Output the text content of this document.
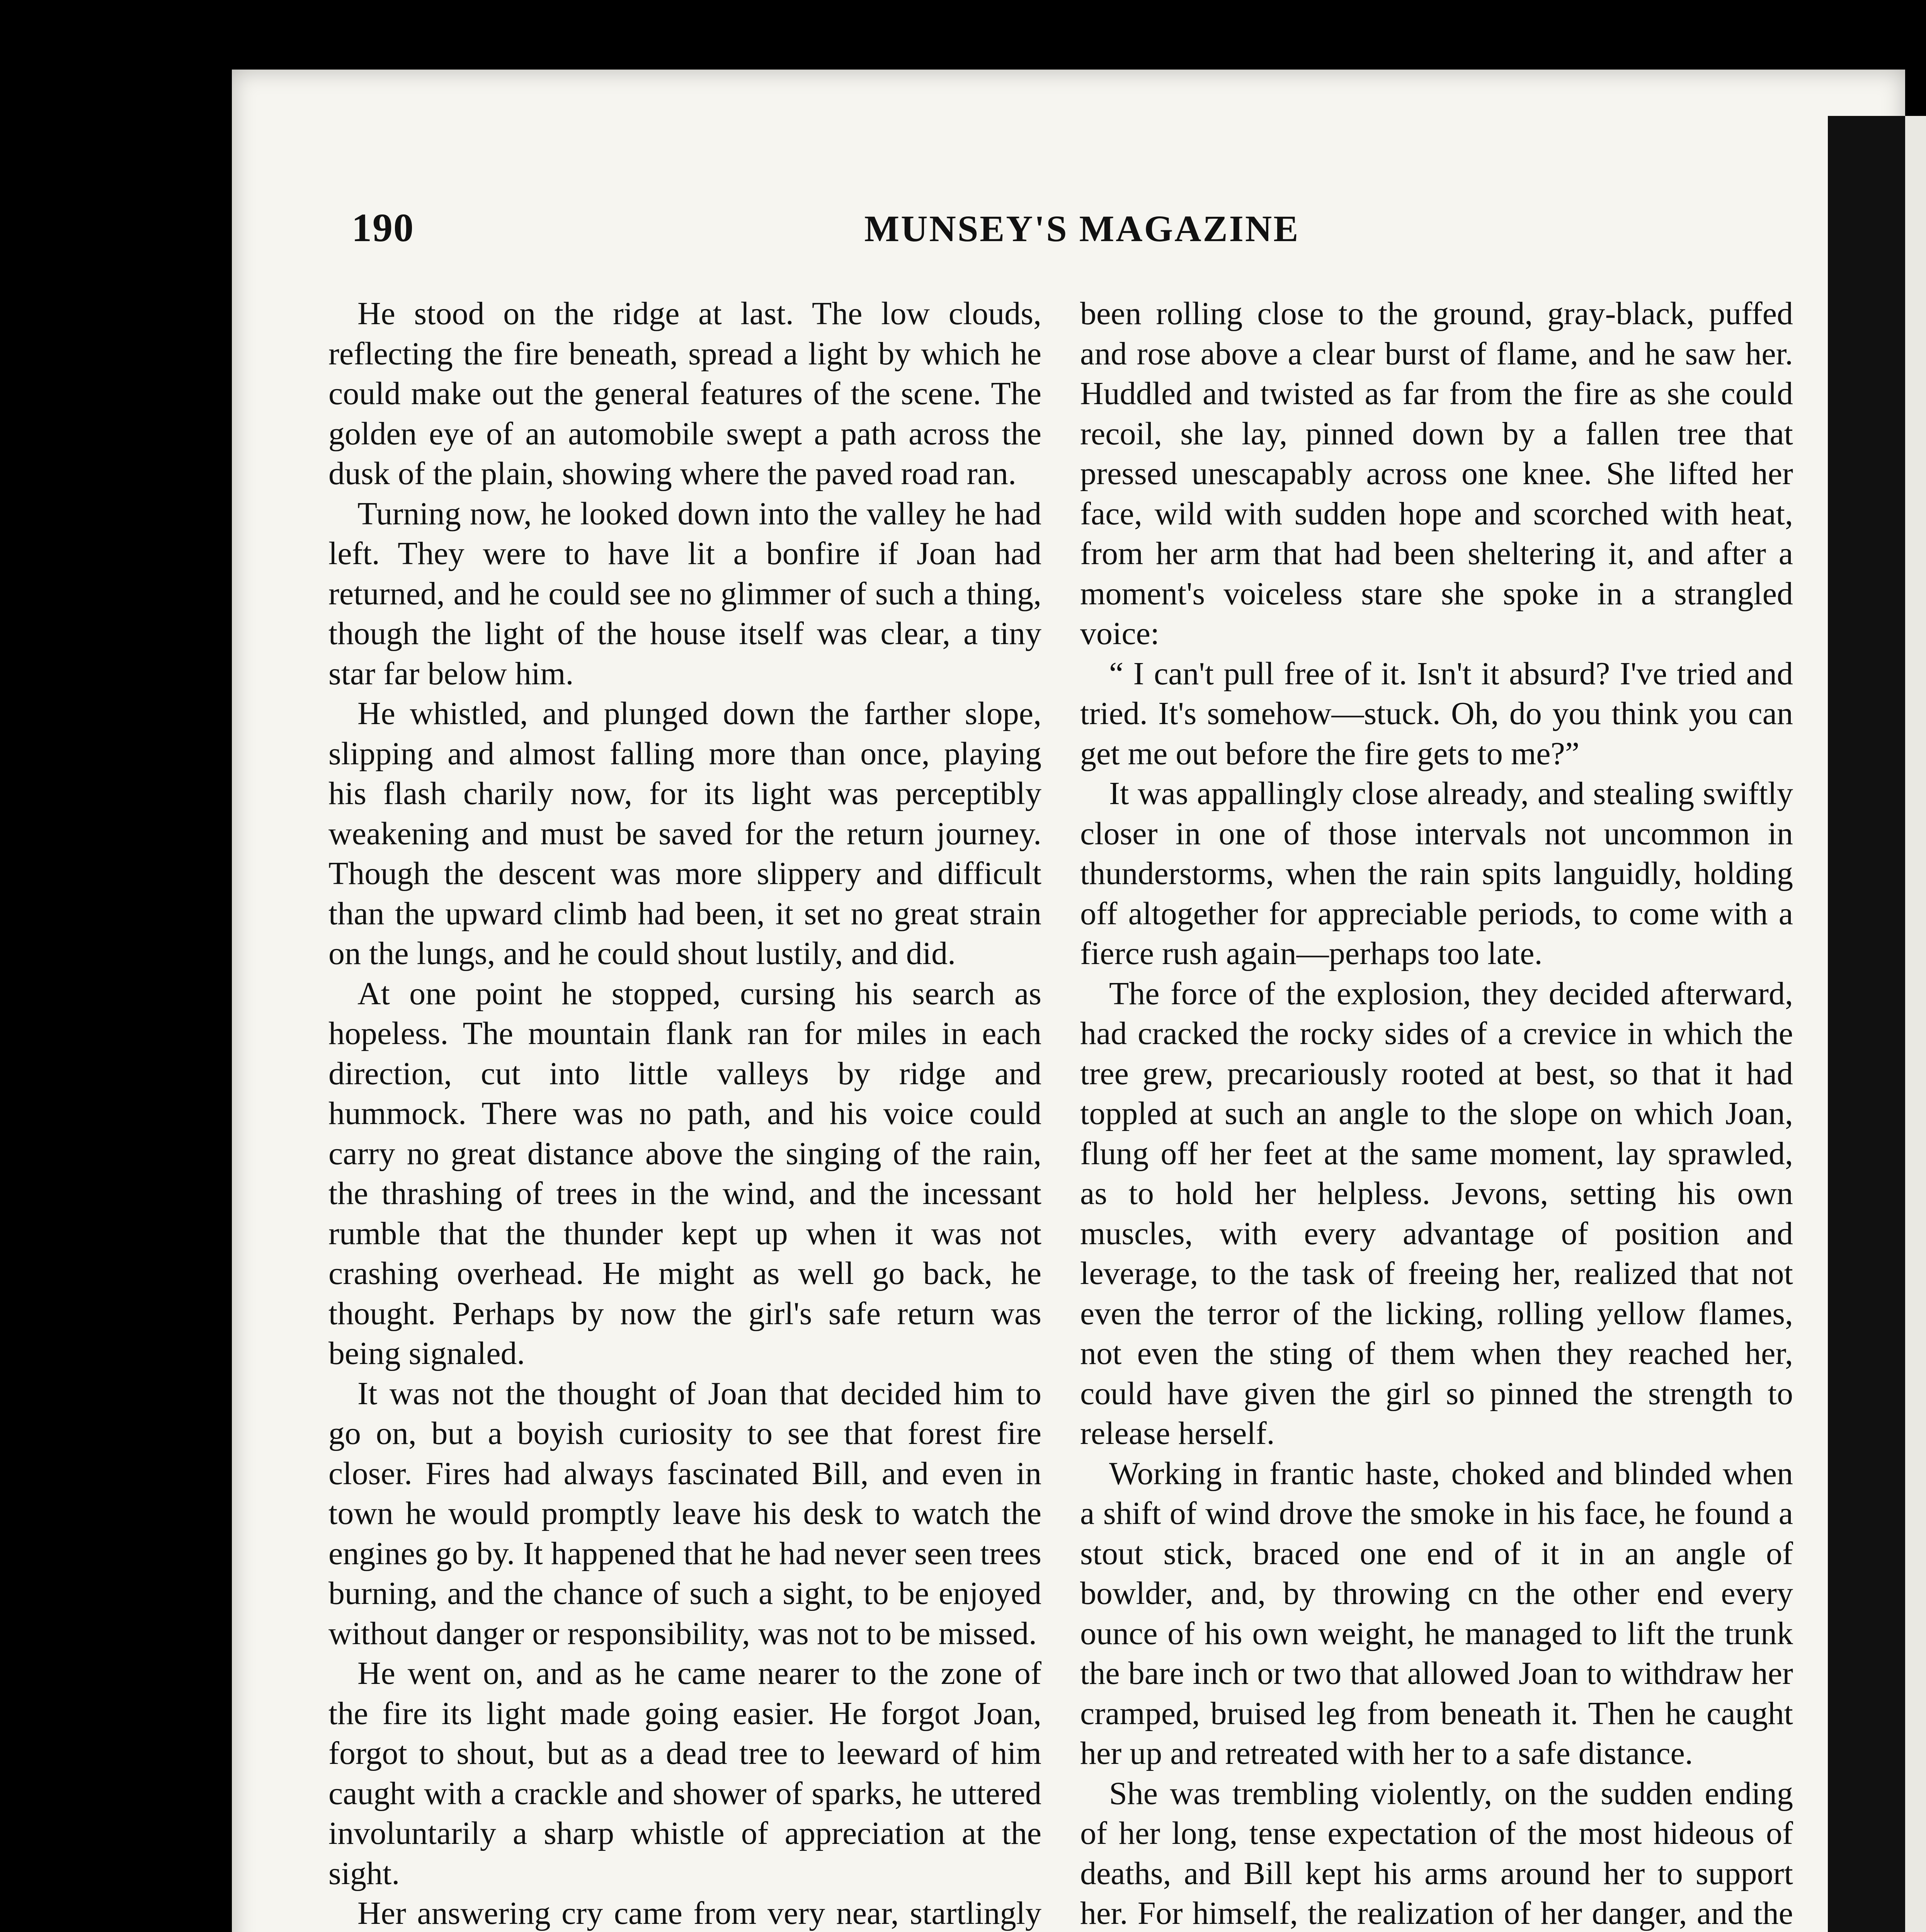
190	MUNSEY'S MAGAZINE

He stood on the ridge at last. The low clouds, reflecting the fire beneath, spread a light by which he could make out the general features of the scene. The golden eye of an automobile swept a path across the dusk of the plain, showing where the paved road ran.

Turning now, he looked down into the valley he had left. They were to have lit a bonfire if Joan had returned, and he could see no glimmer of such a thing, though the light of the house itself was clear, a tiny star far below him.

He whistled, and plunged down the farther slope, slipping and almost falling more than once, playing his flash charily now, for its light was perceptibly weakening and must be saved for the return journey. Though the descent was more slippery and difficult than the upward climb had been, it set no great strain on the lungs, and he could shout lustily, and did.

At one point he stopped, cursing his search as hopeless. The mountain flank ran for miles in each direction, cut into little valleys by ridge and hummock. There was no path, and his voice could carry no great distance above the singing of the rain, the thrashing of trees in the wind, and the incessant rumble that the thunder kept up when it was not crashing overhead. He might as well go back, he thought. Perhaps by now the girl's safe return was being signaled.

It was not the thought of Joan that decided him to go on, but a boyish curiosity to see that forest fire closer. Fires had always fascinated Bill, and even in town he would promptly leave his desk to watch the engines go by. It happened that he had never seen trees burning, and the chance of such a sight, to be enjoyed without danger or responsibility, was not to be missed.

He went on, and as he came nearer to the zone of the fire its light made going easier. He forgot Joan, forgot to shout, but as a dead tree to leeward of him caught with a crackle and shower of sparks, he uttered involuntarily a sharp whistle of appreciation at the sight.

Her answering cry came from very near, startlingly

been rolling close to the ground, gray-black, puffed and rose above a clear burst of flame, and he saw her. Huddled and twisted as far from the fire as she could recoil, she lay, pinned down by a fallen tree that pressed unescapably across one knee. She lifted her face, wild with sudden hope and scorched with heat, from her arm that had been sheltering it, and after a moment's voiceless stare she spoke in a strangled voice:

“ I can't pull free of it. Isn't it absurd? I've tried and tried. It's somehow—stuck. Oh, do you think you can get me out before the fire gets to me?”

It was appallingly close already, and stealing swiftly closer in one of those intervals not uncommon in thunderstorms, when the rain spits languidly, holding off altogether for appreciable periods, to come with a fierce rush again—perhaps too late.

The force of the explosion, they decided afterward, had cracked the rocky sides of a crevice in which the tree grew, precariously rooted at best, so that it had toppled at such an angle to the slope on which Joan, flung off her feet at the same moment, lay sprawled, as to hold her helpless. Jevons, setting his own muscles, with every advantage of position and leverage, to the task of freeing her, realized that not even the terror of the licking, rolling yellow flames, not even the sting of them when they reached her, could have given the girl so pinned the strength to release herself.

Working in frantic haste, choked and blinded when a shift of wind drove the smoke in his face, he found a stout stick, braced one end of it in an angle of bowlder, and, by throwing cn the other end every ounce of his own weight, he managed to lift the trunk the bare inch or two that allowed Joan to withdraw her cramped, bruised leg from beneath it. Then he caught her up and retreated with her to a safe distance.

She was trembling violently, on the sudden ending of her long, tense expectation of the most hideous of deaths, and Bill kept his arms around her to support her. For himself, the realization of her danger, and the
